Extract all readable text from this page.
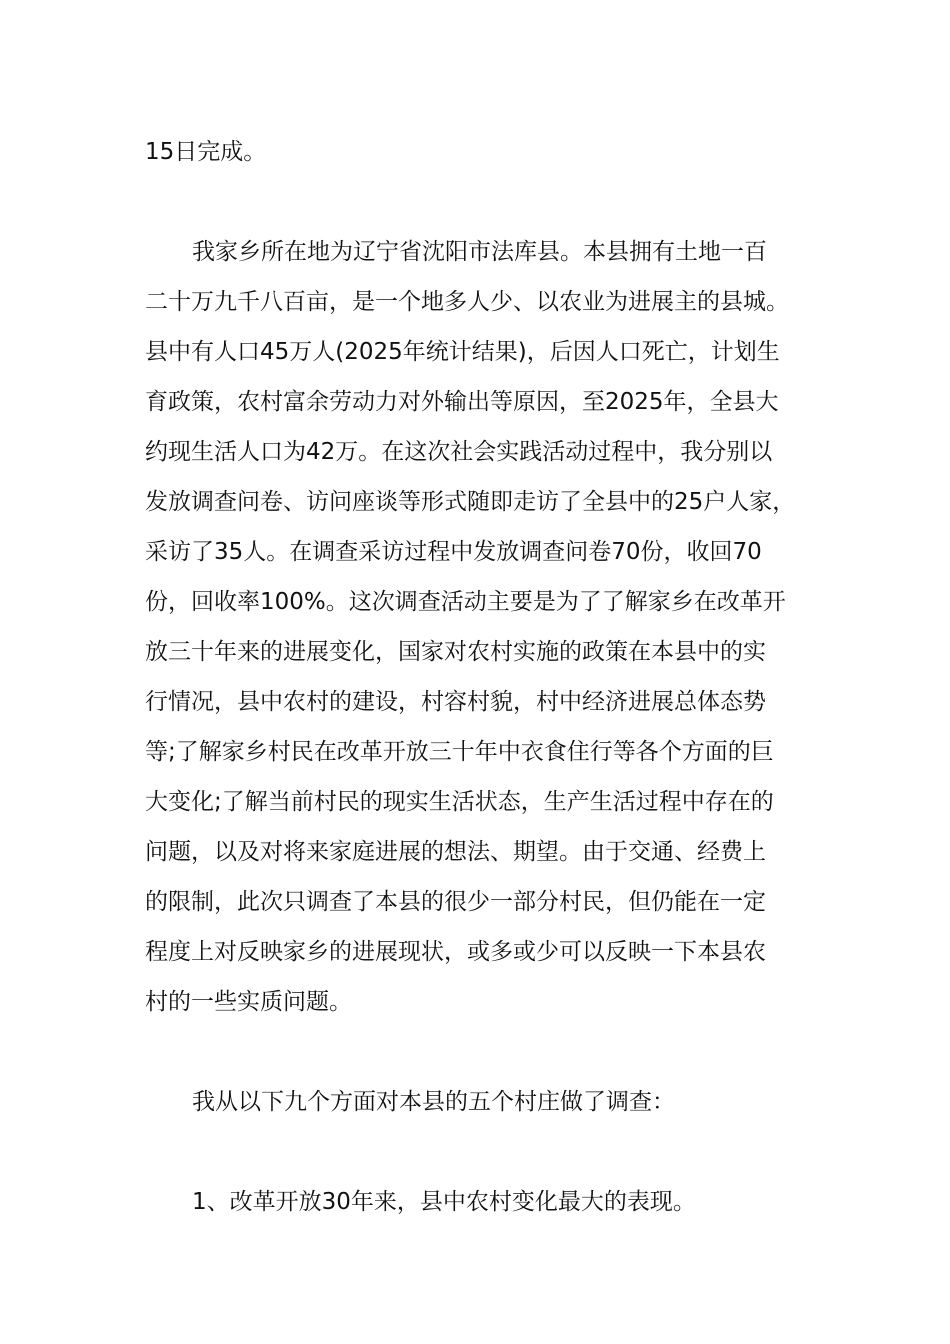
15日完成。
我家乡所在地为辽宁省沈阳市法库县。本县拥有土地一百
二十万九千八百亩，是一个地多人少、以农业为进展主的县城。
县中有人口45万人(2025年统计结果)，后因人口死亡，计划生
育政策，农村富余劳动力对外输出等原因，至2025年，全县大
约现生活人口为42万。在这次社会实践活动过程中，我分别以
发放调查问卷、访问座谈等形式随即走访了全县中的25户人家，
采访了35人。在调查采访过程中发放调查问卷70份，收回70
份，回收率100%。这次调查活动主要是为了了解家乡在改革开
放三十年来的进展变化，国家对农村实施的政策在本县中的实
行情况，县中农村的建设，村容村貌，村中经济进展总体态势
等;了解家乡村民在改革开放三十年中衣食住行等各个方面的巨
大变化;了解当前村民的现实生活状态，生产生活过程中存在的
问题，以及对将来家庭进展的想法、期望。由于交通、经费上
的限制，此次只调查了本县的很少一部分村民，但仍能在一定
程度上对反映家乡的进展现状，或多或少可以反映一下本县农
村的一些实质问题。
我从以下九个方面对本县的五个村庄做了调查：
1、改革开放30年来，县中农村变化最大的表现。
